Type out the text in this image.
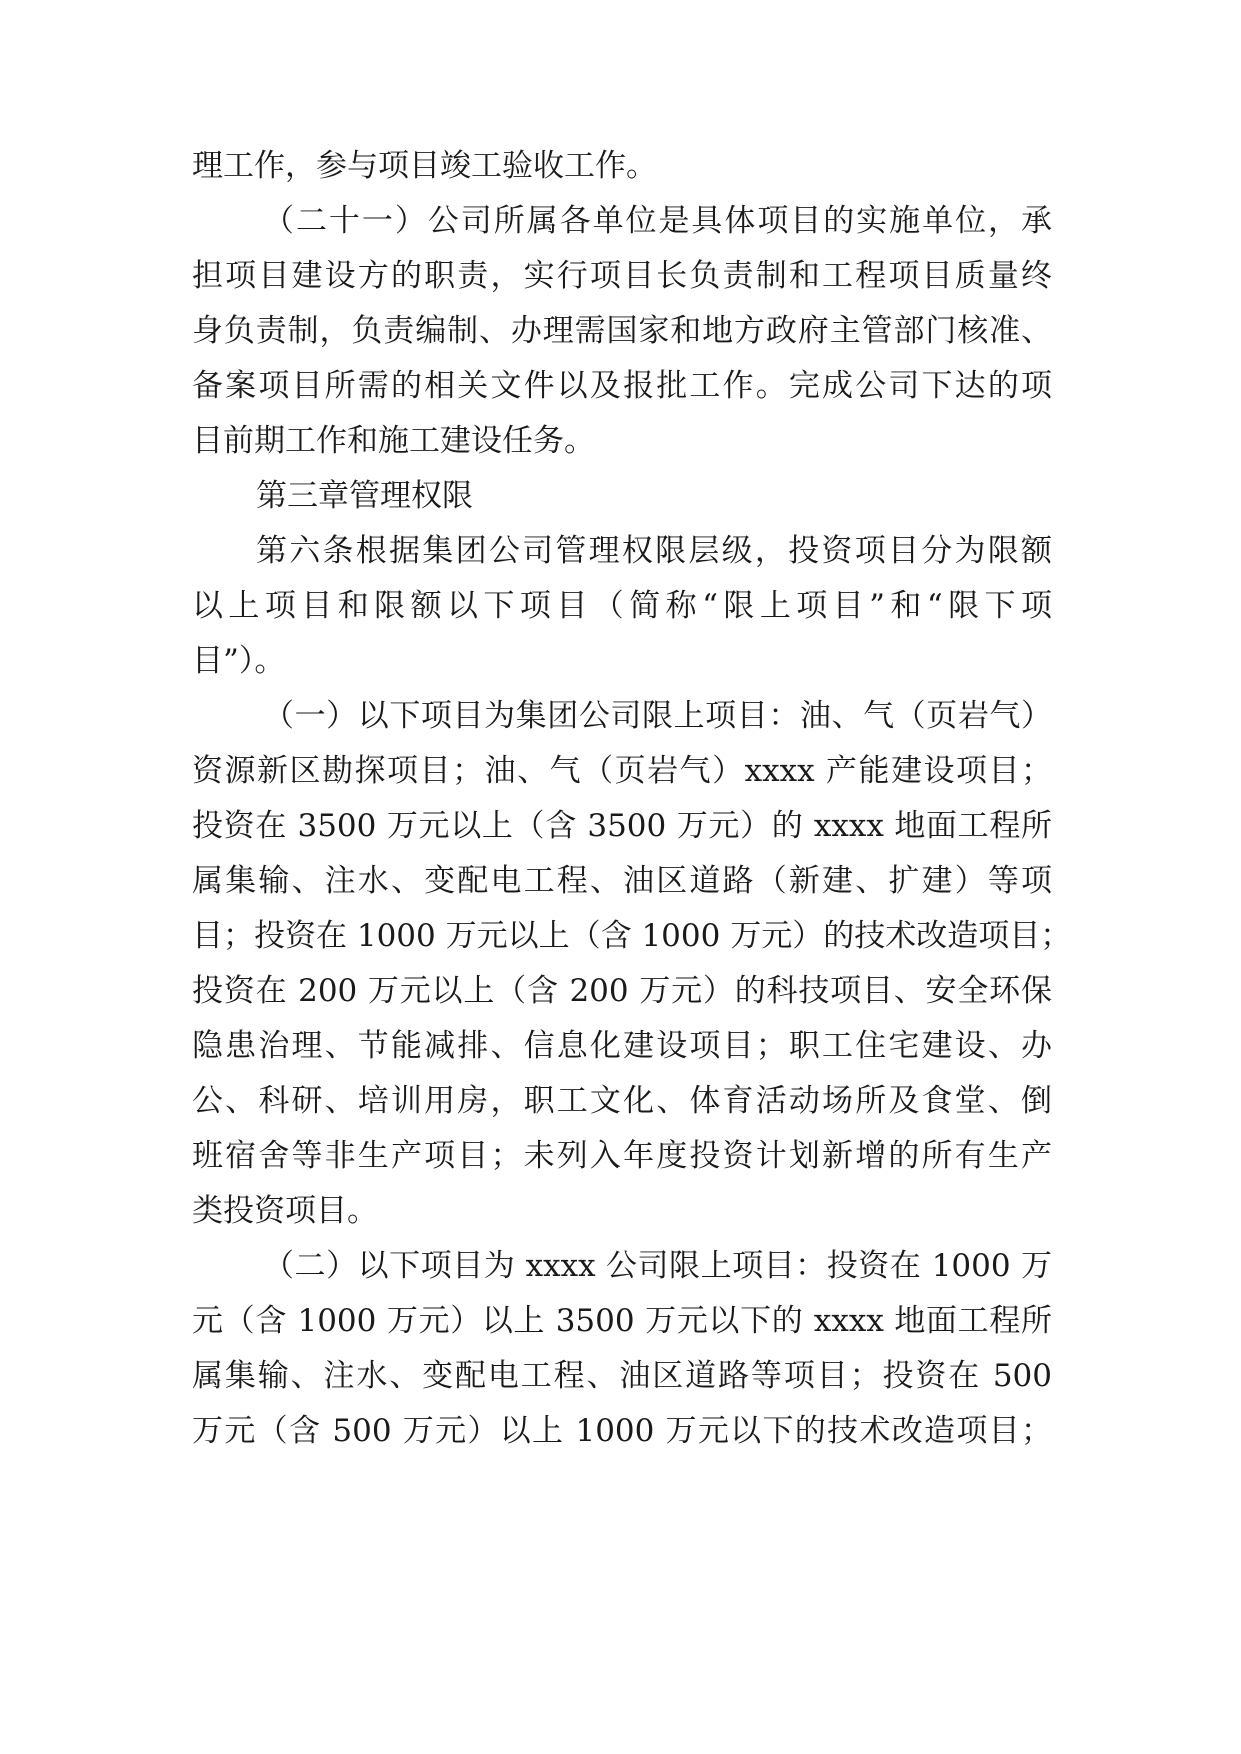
理工作，参与项目竣工验收工作。
（二十一）公司所属各单位是具体项目的实施单位，承
担项目建设方的职责，实行项目长负责制和工程项目质量终
身负责制，负责编制、办理需国家和地方政府主管部门核准、
备案项目所需的相关文件以及报批工作。完成公司下达的项
目前期工作和施工建设任务。
第三章管理权限
第六条根据集团公司管理权限层级，投资项目分为限额
以上项目和限额以下项目（简称“限上项目”和“限下项
目”）。
（一）以下项目为集团公司限上项目：油、气（页岩气）
资源新区勘探项目；油、气（页岩气）xxxx 产能建设项目；
投资在 3500 万元以上（含 3500 万元）的 xxxx 地面工程所
属集输、注水、变配电工程、油区道路（新建、扩建）等项
目；投资在 1000 万元以上（含 1000 万元）的技术改造项目；
投资在 200 万元以上（含 200 万元）的科技项目、安全环保
隐患治理、节能减排、信息化建设项目；职工住宅建设、办
公、科研、培训用房，职工文化、体育活动场所及食堂、倒
班宿舍等非生产项目；未列入年度投资计划新增的所有生产
类投资项目。
（二）以下项目为 xxxx 公司限上项目：投资在 1000 万
元（含 1000 万元）以上 3500 万元以下的 xxxx 地面工程所
属集输、注水、变配电工程、油区道路等项目；投资在 500
万元（含 500 万元）以上 1000 万元以下的技术改造项目；
